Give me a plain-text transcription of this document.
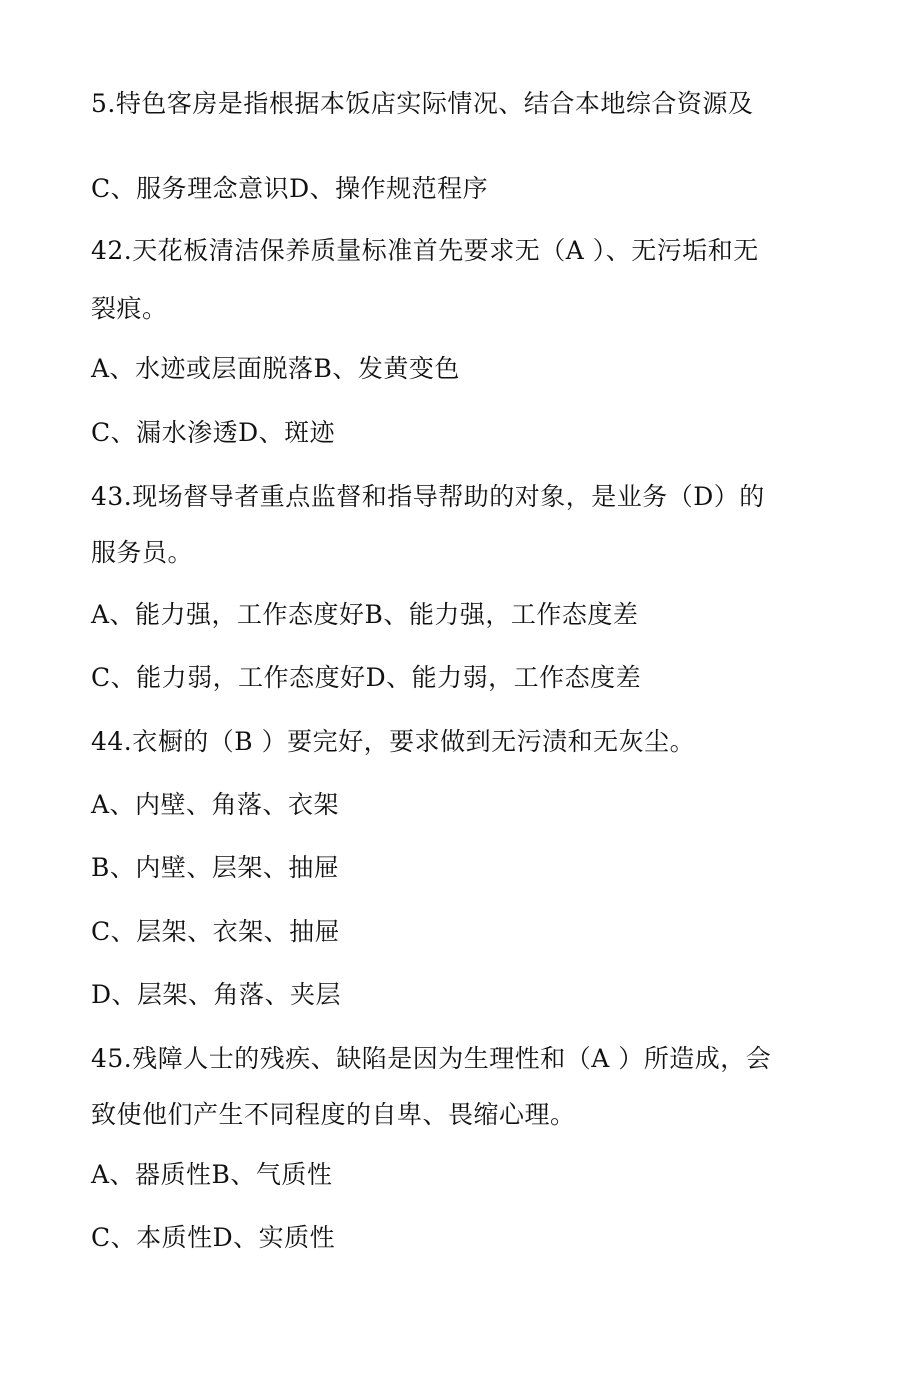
5.特色客房是指根据本饭店实际情况、结合本地综合资源及
C、服务理念意识D、操作规范程序
42.天花板清洁保养质量标准首先要求无（A ）、无污垢和无
裂痕。
A、水迹或层面脱落B、发黄变色
C、漏水渗透D、斑迹
43.现场督导者重点监督和指导帮助的对象，是业务（D）的
服务员。
A、能力强，工作态度好B、能力强，工作态度差
C、能力弱，工作态度好D、能力弱，工作态度差
44.衣橱的（B ）要完好，要求做到无污渍和无灰尘。
A、内壁、角落、衣架
B、内壁、层架、抽屉
C、层架、衣架、抽屉
D、层架、角落、夹层
45.残障人士的残疾、缺陷是因为生理性和（A ）所造成，会
致使他们产生不同程度的自卑、畏缩心理。
A、器质性B、气质性
C、本质性D、实质性
